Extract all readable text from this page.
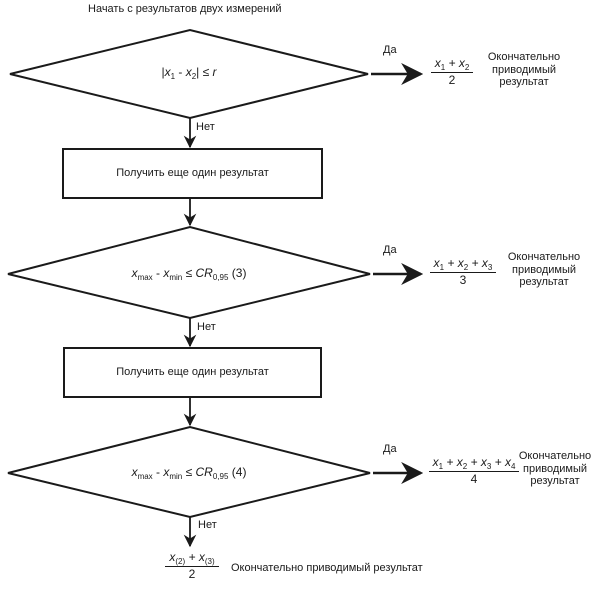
Начать с результатов двух измерений
$|x_1 - x_2| \le r$
$x_{max} - x_{min} \le CR_{0,95}$ (3)
$x_{max} - x_{min} \le CR_{0,95}$ (4)
Да
Да
Да
Нет
Нет
Нет
Получить еще один результат
Получить еще один результат
$\frac{x_1 + x_2}{2}$
$\frac{x_1 + x_2 + x_3}{3}$
$\frac{x_1 + x_2 + x_3 + x_4}{4}$
$\frac{x_{(2)} + x_{(3)}}{2}$
Окончательно приводимый результат
Окончательно приводимый результат
Окончательно приводимый результат
Окончательно приводимый результат
